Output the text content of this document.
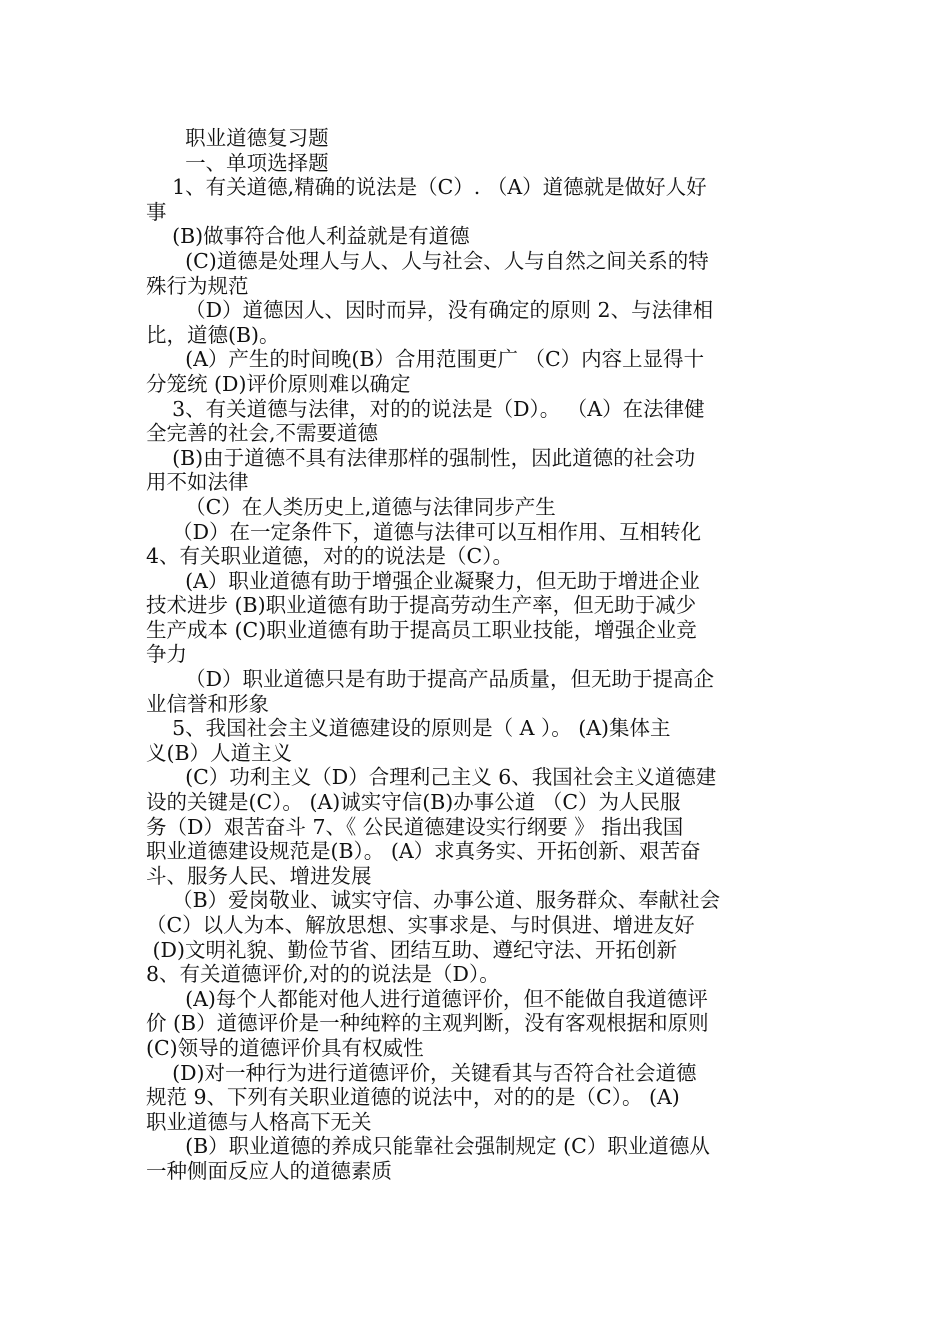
职业道德复习题

一、单项选择题

1、有关道德,精确的说法是（C）. （A）道德就是做好人好

事

(B)做事符合他人利益就是有道德

(C)道德是处理人与人、人与社会、人与自然之间关系的特

殊行为规范

（D）道德因人、因时而异，没有确定的原则 2、与法律相

比，道德(B)。

(A）产生的时间晚(B）合用范围更广 （C）内容上显得十

分笼统 (D)评价原则难以确定

3、有关道德与法律，对的的说法是（D）。 （A）在法律健

全完善的社会,不需要道德

(B)由于道德不具有法律那样的强制性，因此道德的社会功

用不如法律

（C）在人类历史上,道德与法律同步产生

（D）在一定条件下，道德与法律可以互相作用、互相转化

4、有关职业道德，对的的说法是（C）。

(A）职业道德有助于增强企业凝聚力，但无助于增进企业

技术进步 (B)职业道德有助于提高劳动生产率，但无助于减少

生产成本 (C)职业道德有助于提高员工职业技能，增强企业竞

争力

（D）职业道德只是有助于提高产品质量，但无助于提高企

业信誉和形象

5、我国社会主义道德建设的原则是（ A ）。 (A)集体主

义(B）人道主义

(C）功利主义（D）合理利己主义 6、我国社会主义道德建

设的关键是(C）。 (A)诚实守信(B)办事公道 （C）为人民服

务（D）艰苦奋斗 7、《 公民道德建设实行纲要 》 指出我国

职业道德建设规范是(B）。 (A）求真务实、开拓创新、艰苦奋

斗、服务人民、增进发展

（B）爱岗敬业、诚实守信、办事公道、服务群众、奉献社会

（C）以人为本、解放思想、实事求是、与时俱进、增进友好

(D)文明礼貌、勤俭节省、团结互助、遵纪守法、开拓创新

8、有关道德评价,对的的说法是（D）。

(A)每个人都能对他人进行道德评价，但不能做自我道德评

价 (B）道德评价是一种纯粹的主观判断，没有客观根据和原则

(C)领导的道德评价具有权威性

(D)对一种行为进行道德评价，关键看其与否符合社会道德

规范 9、下列有关职业道德的说法中，对的的是（C）。 (A)

职业道德与人格高下无关

(B）职业道德的养成只能靠社会强制规定 (C）职业道德从

一种侧面反应人的道德素质
